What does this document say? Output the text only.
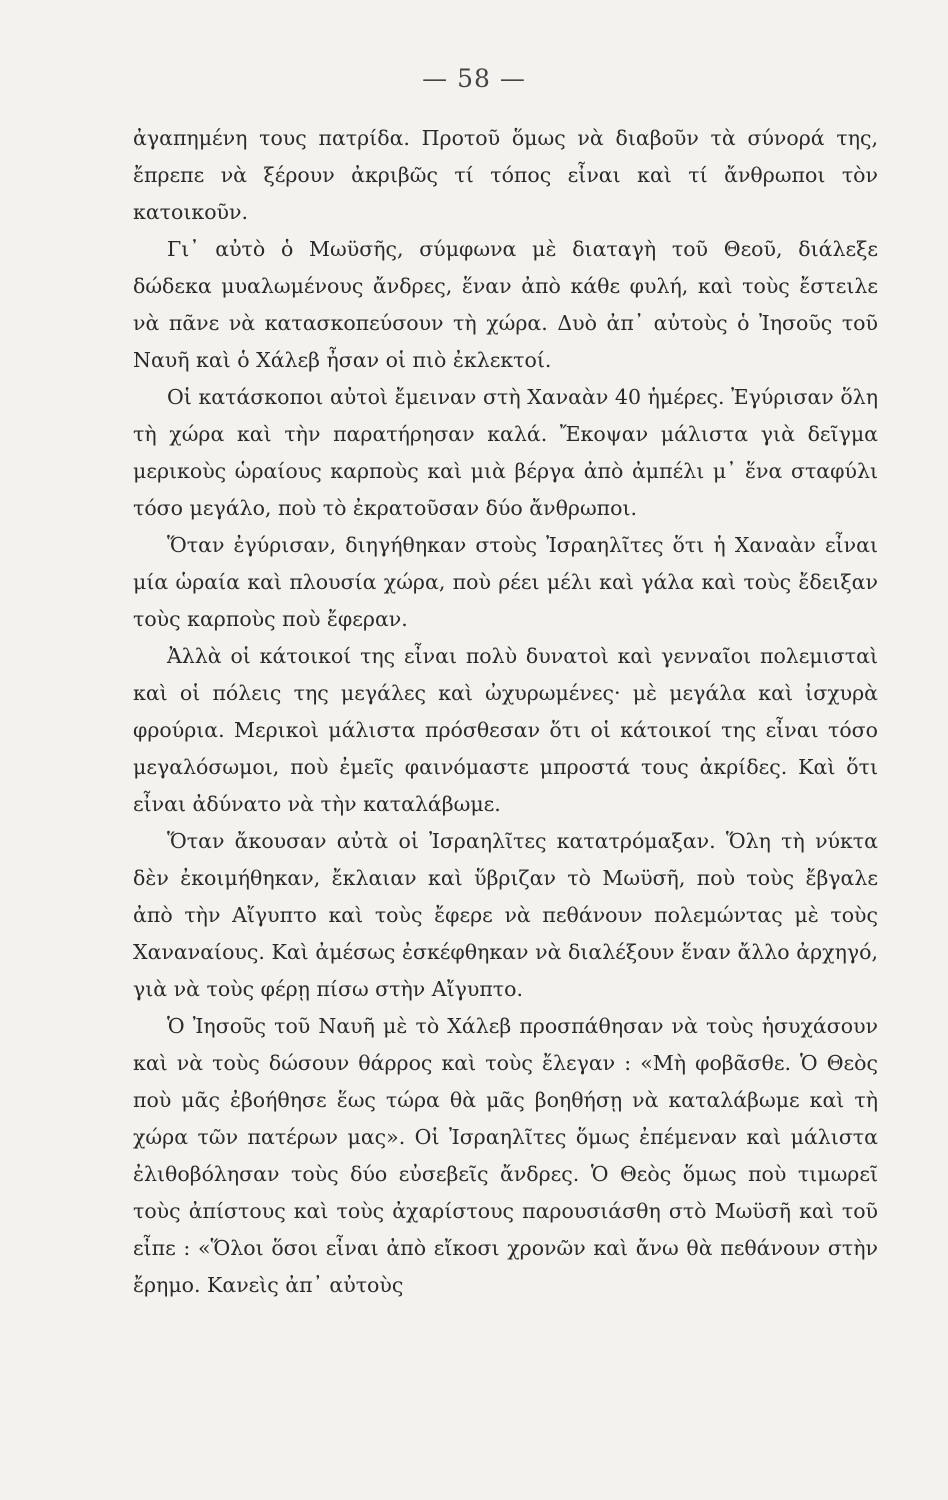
— 58 —

ἀγαπημένη τους πατρίδα. Προτοῦ ὅμως νὰ διαβοῦν τὰ σύνορά της, ἔπρεπε νὰ ξέρουν ἀκριβῶς τί τόπος εἶναι καὶ τί ἄνθρωποι τὸν κατοικοῦν.

Γι᾿ αὐτὸ ὁ Μωϋσῆς, σύμφωνα μὲ διαταγὴ τοῦ Θεοῦ, διάλεξε δώδεκα μυαλωμένους ἄνδρες, ἕναν ἀπὸ κάθε φυλή, καὶ τοὺς ἔστειλε νὰ πᾶνε νὰ κατασκοπεύσουν τὴ χώρα. Δυὸ ἀπ᾿ αὐτοὺς ὁ Ἰησοῦς τοῦ Ναυῆ καὶ ὁ Χάλεβ ἦσαν οἱ πιὸ ἐκλεκτοί.

Οἱ κατάσκοποι αὐτοὶ ἔμειναν στὴ Χαναὰν 40 ἡμέρες. Ἐγύρισαν ὅλη τὴ χώρα καὶ τὴν παρατήρησαν καλά. Ἔκοψαν μάλιστα γιὰ δεῖγμα μερικοὺς ὡραίους καρποὺς καὶ μιὰ βέργα ἀπὸ ἀμπέλι μ᾿ ἕνα σταφύλι τόσο μεγάλο, ποὺ τὸ ἐκρατοῦσαν δύο ἄνθρωποι.

Ὅταν ἐγύρισαν, διηγήθηκαν στοὺς Ἰσραηλῖτες ὅτι ἡ Χαναὰν εἶναι μία ὡραία καὶ πλουσία χώρα, ποὺ ρέει μέλι καὶ γάλα καὶ τοὺς ἔδειξαν τοὺς καρποὺς ποὺ ἔφεραν.

Ἀλλὰ οἱ κάτοικοί της εἶναι πολὺ δυνατοὶ καὶ γενναῖοι πολεμισταὶ καὶ οἱ πόλεις της μεγάλες καὶ ὠχυρωμένες· μὲ μεγάλα καὶ ἰσχυρὰ φρούρια. Μερικοὶ μάλιστα πρόσθεσαν ὅτι οἱ κάτοικοί της εἶναι τόσο μεγαλόσωμοι, ποὺ ἐμεῖς φαινόμαστε μπροστά τους ἀκρίδες. Καὶ ὅτι εἶναι ἀδύνατο νὰ τὴν καταλάβωμε.

Ὅταν ἄκουσαν αὐτὰ οἱ Ἰσραηλῖτες κατατρόμαξαν. Ὅλη τὴ νύκτα δὲν ἐκοιμήθηκαν, ἔκλαιαν καὶ ὕβριζαν τὸ Μωϋσῆ, ποὺ τοὺς ἔβγαλε ἀπὸ τὴν Αἴγυπτο καὶ τοὺς ἔφερε νὰ πεθάνουν πολεμώντας μὲ τοὺς Χαναναίους. Καὶ ἀμέσως ἐσκέφθηκαν νὰ διαλέξουν ἕναν ἄλλο ἀρχηγό, γιὰ νὰ τοὺς φέρῃ πίσω στὴν Αἴγυπτο.

Ὁ Ἰησοῦς τοῦ Ναυῆ μὲ τὸ Χάλεβ προσπάθησαν νὰ τοὺς ἡσυχάσουν καὶ νὰ τοὺς δώσουν θάρρος καὶ τοὺς ἔλεγαν : «Μὴ φοβᾶσθε. Ὁ Θεὸς ποὺ μᾶς ἐβοήθησε ἕως τώρα θὰ μᾶς βοηθήσῃ νὰ καταλάβωμε καὶ τὴ χώρα τῶν πατέρων μας». Οἱ Ἰσραηλῖτες ὅμως ἐπέμεναν καὶ μάλιστα ἐλιθοβόλησαν τοὺς δύο εὐσεβεῖς ἄνδρες. Ὁ Θεὸς ὅμως ποὺ τιμωρεῖ τοὺς ἀπίστους καὶ τοὺς ἀχαρίστους παρουσιάσθη στὸ Μωϋσῆ καὶ τοῦ εἶπε : «Ὅλοι ὅσοι εἶναι ἀπὸ εἴκοσι χρονῶν καὶ ἄνω θὰ πεθάνουν στὴν ἔρημο. Κανεὶς ἀπ᾿ αὐτοὺς
